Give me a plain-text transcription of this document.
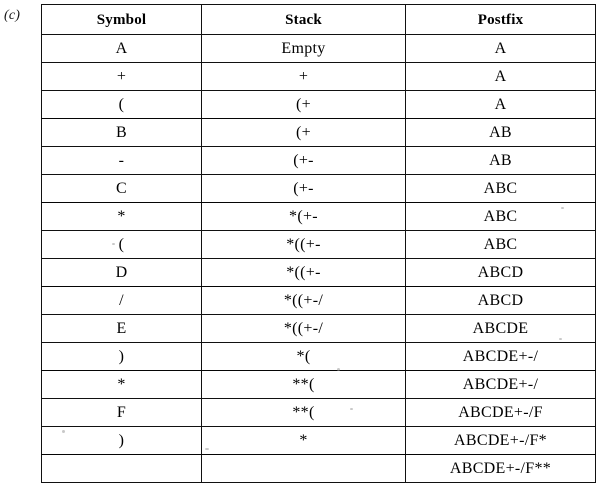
(c)	Symbol	Stack	Postfix
A	Empty	A
+	+	A
(	(+	A
B	(+	AB
-	(+-	AB
C	(+-	ABC
*	*(+-	ABC
(	*((+-	ABC
D	*((+-	ABCD
/	*((+-/	ABCD
E	*((+-/	ABCDE
)	*(	ABCDE+-/
*	**(	ABCDE+-/
F	**(	ABCDE+-/F
)	*	ABCDE+-/F*
		ABCDE+-/F**
